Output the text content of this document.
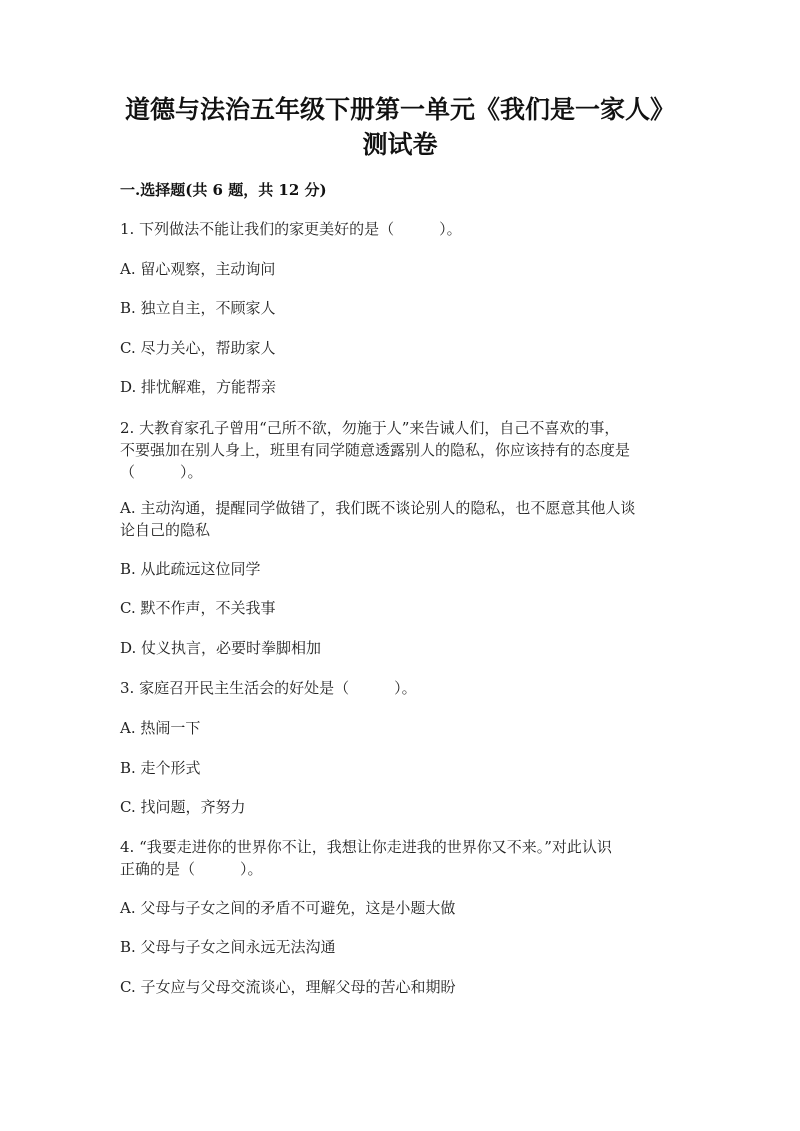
道德与法治五年级下册第一单元《我们是一家人》
测试卷
一.选择题(共 6 题，共 12 分)
1. 下列做法不能让我们的家更美好的是（　　　）。
A. 留心观察，主动询问
B. 独立自主，不顾家人
C. 尽力关心，帮助家人
D. 排忧解难，方能帮亲
2. 大教育家孔子曾用“己所不欲，勿施于人”来告诫人们，自己不喜欢的事，
不要强加在别人身上，班里有同学随意透露别人的隐私，你应该持有的态度是
（　　　）。
A. 主动沟通，提醒同学做错了，我们既不谈论别人的隐私，也不愿意其他人谈
论自己的隐私
B. 从此疏远这位同学
C. 默不作声，不关我事
D. 仗义执言，必要时拳脚相加
3. 家庭召开民主生活会的好处是（　　　）。
A. 热闹一下
B. 走个形式
C. 找问题，齐努力
4. “我要走进你的世界你不让，我想让你走进我的世界你又不来。”对此认识
正确的是（　　　）。
A. 父母与子女之间的矛盾不可避免，这是小题大做
B. 父母与子女之间永远无法沟通
C. 子女应与父母交流谈心，理解父母的苦心和期盼
